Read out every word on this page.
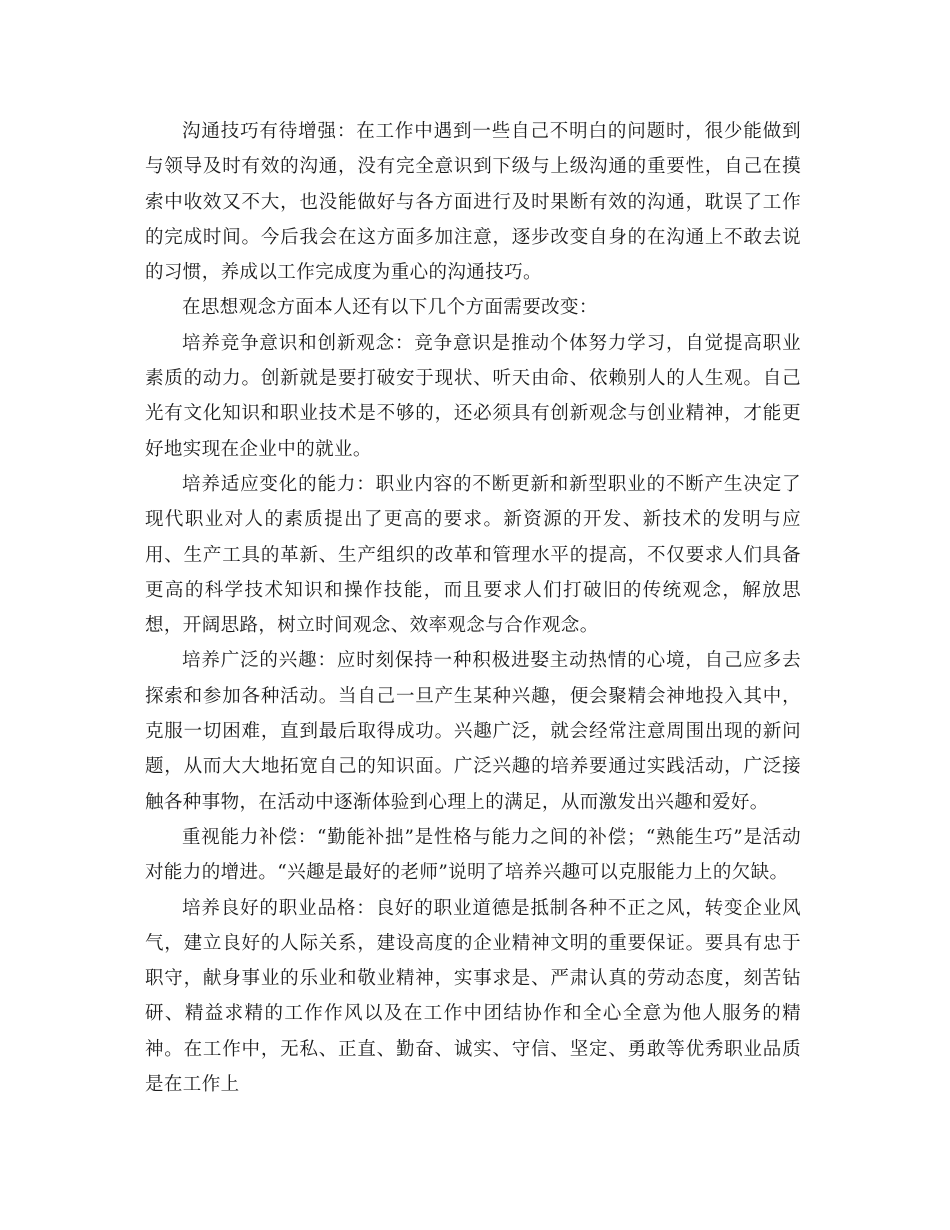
沟通技巧有待增强：在工作中遇到一些自己不明白的问题时，很少能做到与领导及时有效的沟通，没有完全意识到下级与上级沟通的重要性，自己在摸索中收效又不大，也没能做好与各方面进行及时果断有效的沟通，耽误了工作的完成时间。今后我会在这方面多加注意，逐步改变自身的在沟通上不敢去说的习惯，养成以工作完成度为重心的沟通技巧。

在思想观念方面本人还有以下几个方面需要改变：

培养竞争意识和创新观念：竞争意识是推动个体努力学习，自觉提高职业素质的动力。创新就是要打破安于现状、听天由命、依赖别人的人生观。自己光有文化知识和职业技术是不够的，还必须具有创新观念与创业精神，才能更好地实现在企业中的就业。

培养适应变化的能力：职业内容的不断更新和新型职业的不断产生决定了现代职业对人的素质提出了更高的要求。新资源的开发、新技术的发明与应用、生产工具的革新、生产组织的改革和管理水平的提高，不仅要求人们具备更高的科学技术知识和操作技能，而且要求人们打破旧的传统观念，解放思想，开阔思路，树立时间观念、效率观念与合作观念。

培养广泛的兴趣：应时刻保持一种积极进娶主动热情的心境，自己应多去探索和参加各种活动。当自己一旦产生某种兴趣，便会聚精会神地投入其中，克服一切困难，直到最后取得成功。兴趣广泛，就会经常注意周围出现的新问题，从而大大地拓宽自己的知识面。广泛兴趣的培养要通过实践活动，广泛接触各种事物，在活动中逐渐体验到心理上的满足，从而激发出兴趣和爱好。

重视能力补偿：“勤能补拙”是性格与能力之间的补偿；“熟能生巧”是活动对能力的增进。“兴趣是最好的老师”说明了培养兴趣可以克服能力上的欠缺。

培养良好的职业品格：良好的职业道德是抵制各种不正之风，转变企业风气，建立良好的人际关系，建设高度的企业精神文明的重要保证。要具有忠于职守，献身事业的乐业和敬业精神，实事求是、严肃认真的劳动态度，刻苦钻研、精益求精的工作作风以及在工作中团结协作和全心全意为他人服务的精神。在工作中，无私、正直、勤奋、诚实、守信、坚定、勇敢等优秀职业品质是在工作上
